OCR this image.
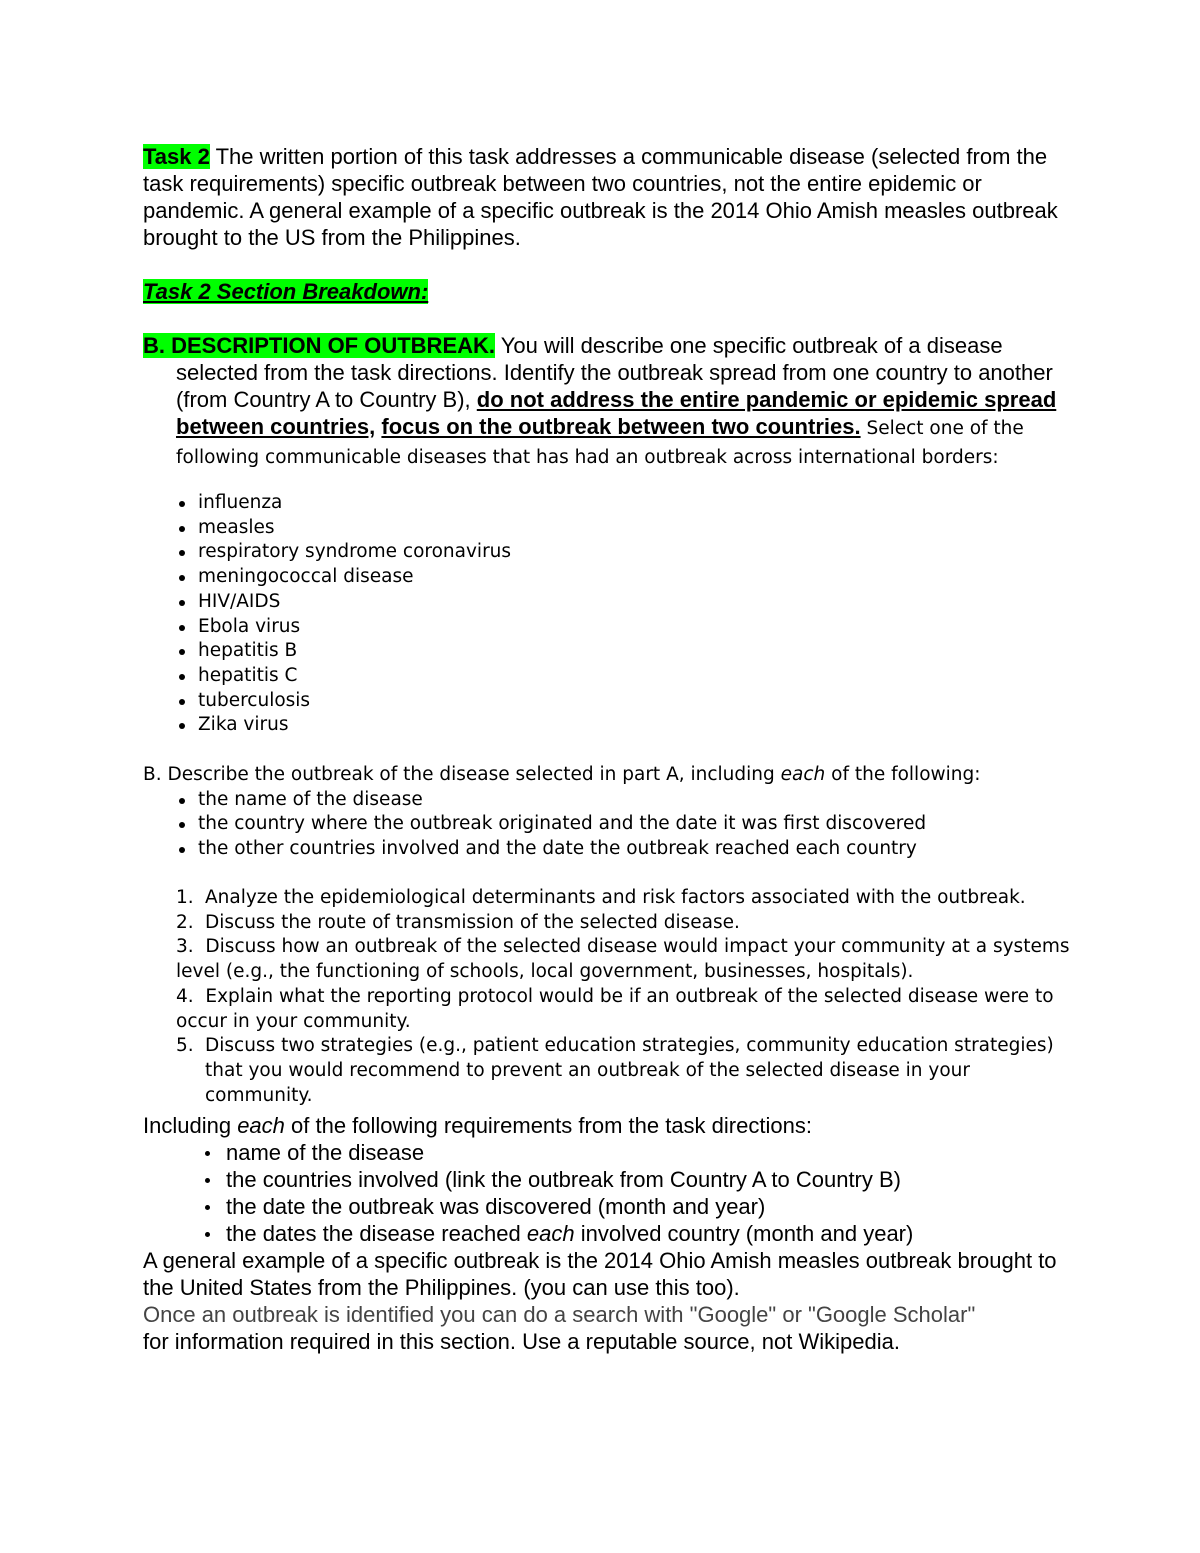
Task 2 The written portion of this task addresses a communicable disease (selected from the task requirements) specific outbreak between two countries, not the entire epidemic or pandemic. A general example of a specific outbreak is the 2014 Ohio Amish measles outbreak brought to the US from the Philippines.

Task 2 Section Breakdown:

B. DESCRIPTION OF OUTBREAK. You will describe one specific outbreak of a disease selected from the task directions. Identify the outbreak spread from one country to another (from Country A to Country B), do not address the entire pandemic or epidemic spread between countries, focus on the outbreak between two countries. Select one of the following communicable diseases that has had an outbreak across international borders:

influenza
measles
respiratory syndrome coronavirus
meningococcal disease
HIV/AIDS
Ebola virus
hepatitis B
hepatitis C
tuberculosis
Zika virus

B. Describe the outbreak of the disease selected in part A, including each of the following:

the name of the disease
the country where the outbreak originated and the date it was first discovered
the other countries involved and the date the outbreak reached each country
1. Analyze the epidemiological determinants and risk factors associated with the outbreak.
2. Discuss the route of transmission of the selected disease.
3. Discuss how an outbreak of the selected disease would impact your community at a systems level (e.g., the functioning of schools, local government, businesses, hospitals).
4. Explain what the reporting protocol would be if an outbreak of the selected disease were to occur in your community.
5. Discuss two strategies (e.g., patient education strategies, community education strategies) that you would recommend to prevent an outbreak of the selected disease in your community.

Including each of the following requirements from the task directions:

name of the disease
the countries involved (link the outbreak from Country A to Country B)
the date the outbreak was discovered (month and year)
the dates the disease reached each involved country (month and year)

A general example of a specific outbreak is the 2014 Ohio Amish measles outbreak brought to the United States from the Philippines. (you can use this too).

Once an outbreak is identified you can do a search with "Google" or "Google Scholar"

for information required in this section. Use a reputable source, not Wikipedia.
